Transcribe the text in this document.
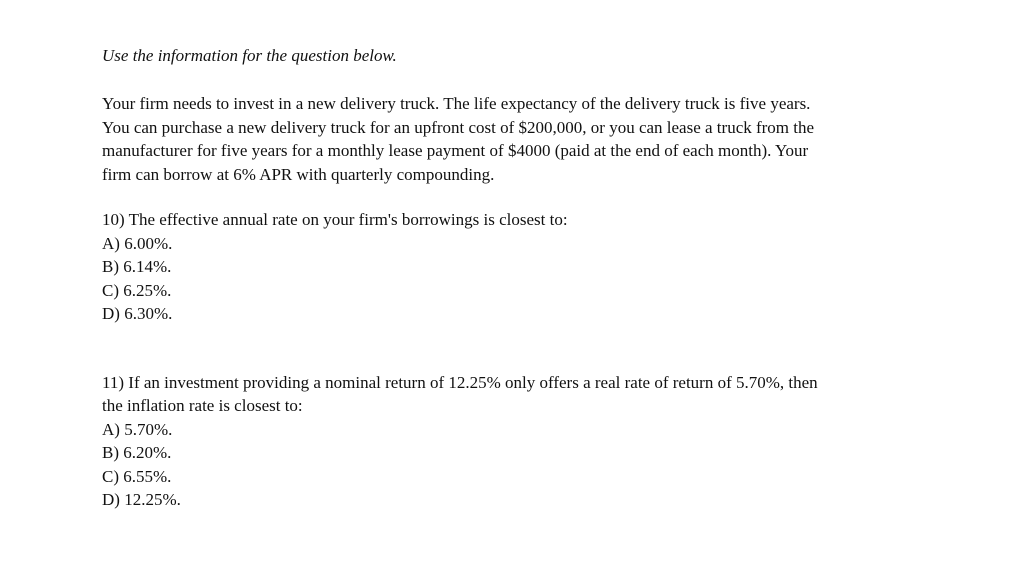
Use the information for the question below.

Your firm needs to invest in a new delivery truck. The life expectancy of the delivery truck is five years.

You can purchase a new delivery truck for an upfront cost of $200,000, or you can lease a truck from the

manufacturer for five years for a monthly lease payment of $4000 (paid at the end of each month). Your

firm can borrow at 6% APR with quarterly compounding.

10) The effective annual rate on your firm's borrowings is closest to:

A) 6.00%.
B) 6.14%.
C) 6.25%.
D) 6.30%.

11) If an investment providing a nominal return of 12.25% only offers a real rate of return of 5.70%, then

the inflation rate is closest to:

A) 5.70%.
B) 6.20%.
C) 6.55%.
D) 12.25%.
